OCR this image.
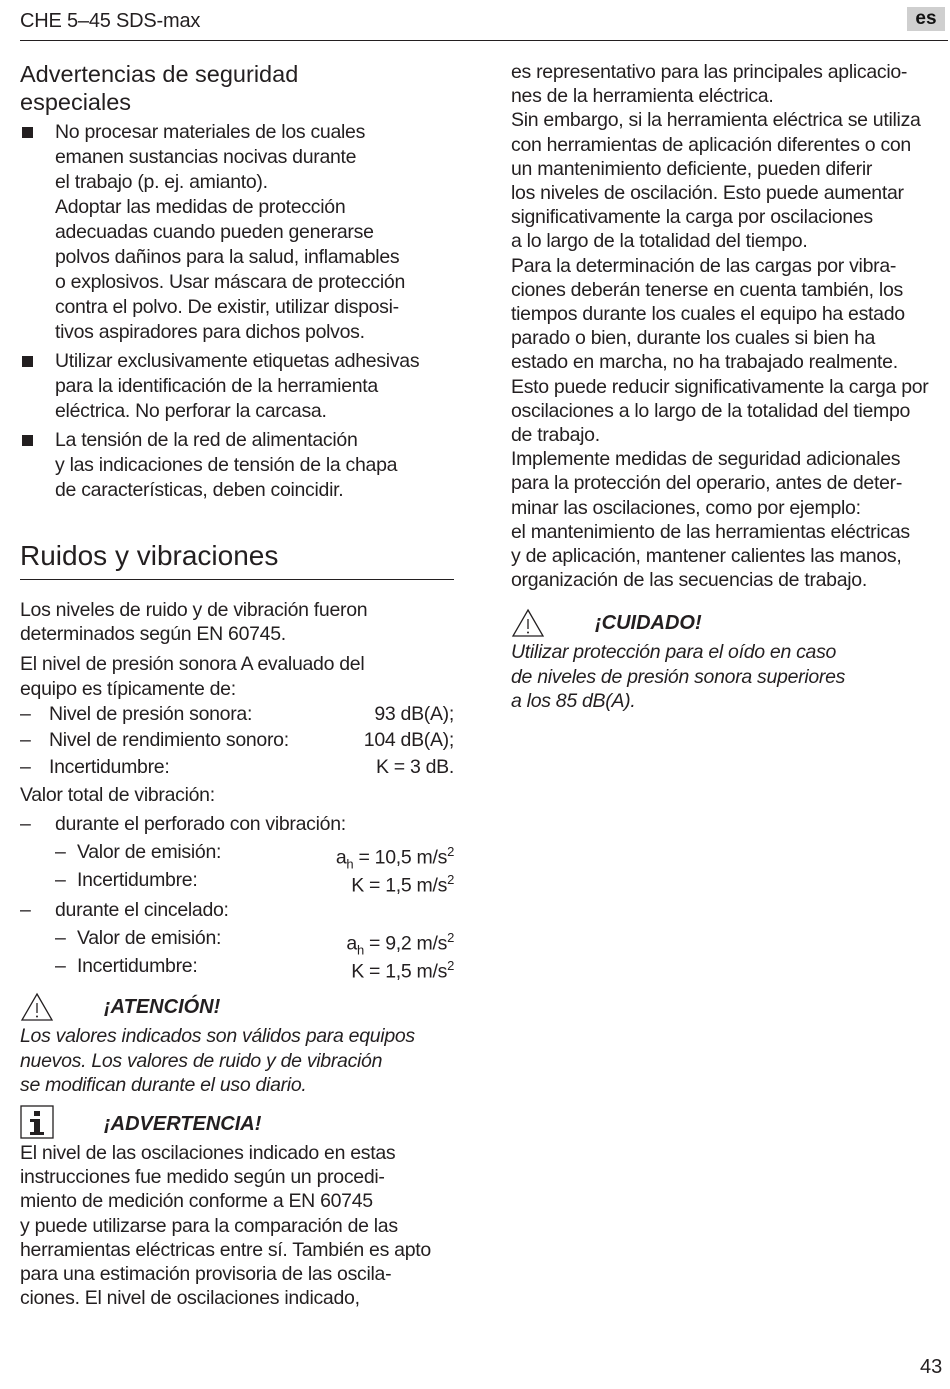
CHE 5–45 SDS-max	es
Advertencias de seguridad
especiales
No procesar materiales de los cuales
emanen sustancias nocivas durante
el trabajo (p. ej. amianto).
Adoptar las medidas de protección
adecuadas cuando pueden generarse
polvos dañinos para la salud, inflamables
o explosivos. Usar máscara de protección
contra el polvo. De existir, utilizar disposi-
tivos aspiradores para dichos polvos.
Utilizar exclusivamente etiquetas adhesivas
para la identificación de la herramienta
eléctrica. No perforar la carcasa.
La tensión de la red de alimentación
y las indicaciones de tensión de la chapa
de características, deben coincidir.
Ruidos y vibraciones
Los niveles de ruido y de vibración fueron
determinados según EN 60745.
El nivel de presión sonora A evaluado del
equipo es típicamente de:
– Nivel de presión sonora:	93 dB(A);
– Nivel de rendimiento sonoro:	104 dB(A);
– Incertidumbre:	K = 3 dB.
Valor total de vibración:
– durante el perforado con vibración:
– Valor de emisión:	$a_h = 10,5$ $m/s^2$
– Incertidumbre:	K = 1,5 $m/s^2$
– durante el cincelado:
– Valor de emisión:	$a_h = 9,2$ $m/s^2$
– Incertidumbre:	K = 1,5 $m/s^2$
¡ATENCIÓN!
Los valores indicados son válidos para equipos
nuevos. Los valores de ruido y de vibración
se modifican durante el uso diario.
¡ADVERTENCIA!
El nivel de las oscilaciones indicado en estas
instrucciones fue medido según un procedi-
miento de medición conforme a EN 60745
y puede utilizarse para la comparación de las
herramientas eléctricas entre sí. También es apto
para una estimación provisoria de las oscila-
ciones. El nivel de oscilaciones indicado,
es representativo para las principales aplicacio-
nes de la herramienta eléctrica.
Sin embargo, si la herramienta eléctrica se utiliza
con herramientas de aplicación diferentes o con
un mantenimiento deficiente, pueden diferir
los niveles de oscilación. Esto puede aumentar
significativamente la carga por oscilaciones
a lo largo de la totalidad del tiempo.
Para la determinación de las cargas por vibra-
ciones deberán tenerse en cuenta también, los
tiempos durante los cuales el equipo ha estado
parado o bien, durante los cuales si bien ha
estado en marcha, no ha trabajado realmente.
Esto puede reducir significativamente la carga por
oscilaciones a lo largo de la totalidad del tiempo
de trabajo.
Implemente medidas de seguridad adicionales
para la protección del operario, antes de deter-
minar las oscilaciones, como por ejemplo:
el mantenimiento de las herramientas eléctricas
y de aplicación, mantener calientes las manos,
organización de las secuencias de trabajo.
¡CUIDADO!
Utilizar protección para el oído en caso
de niveles de presión sonora superiores
a los 85 dB(A).
43
